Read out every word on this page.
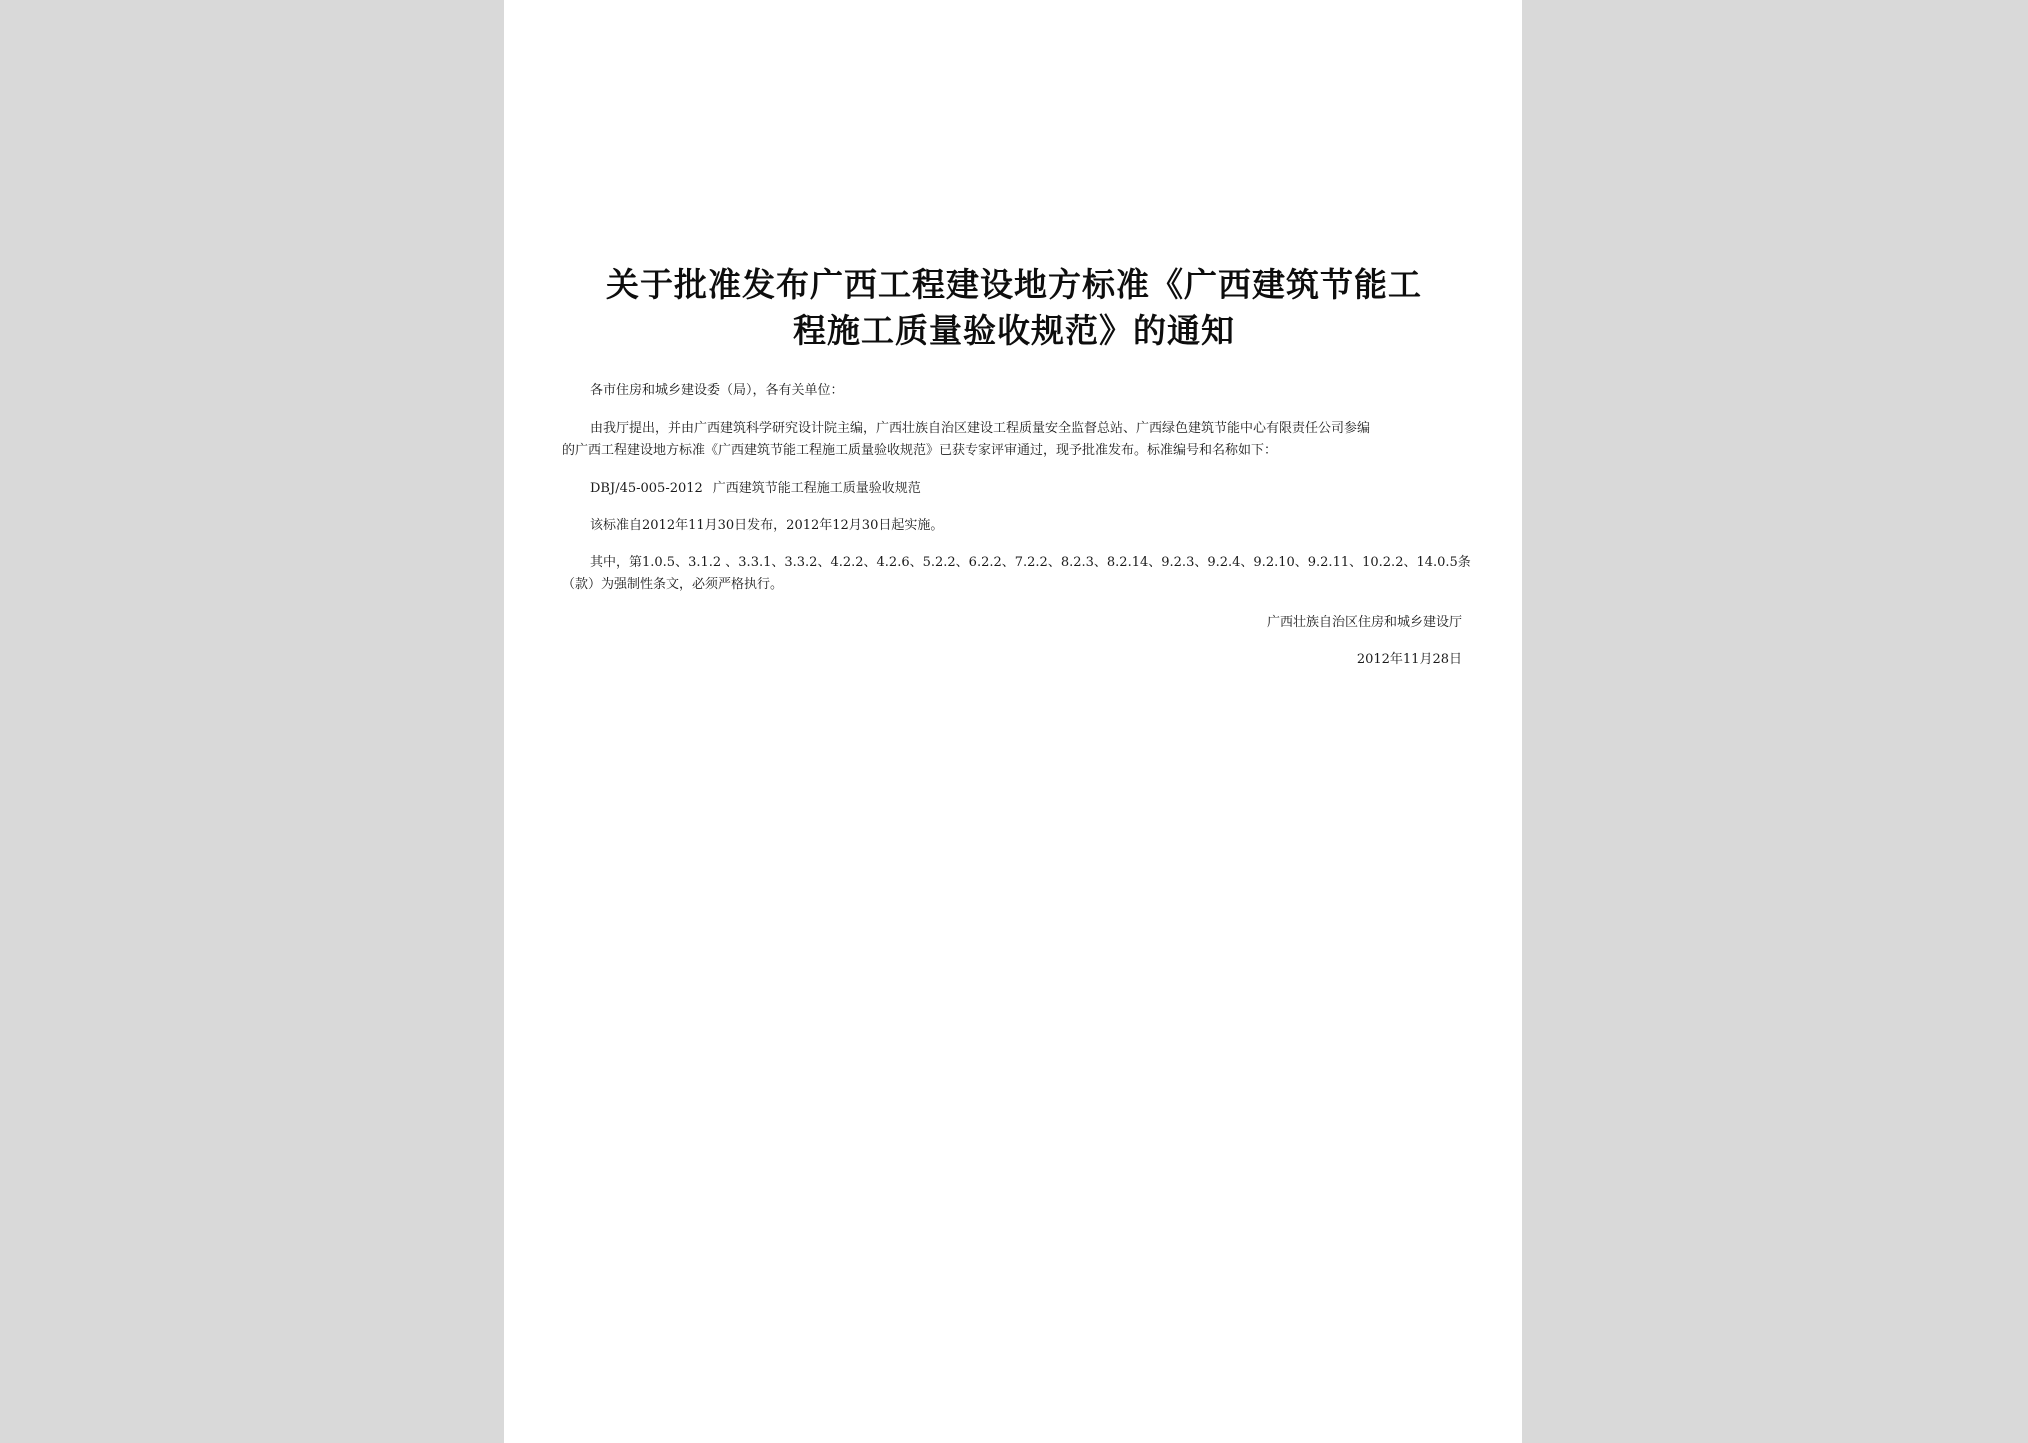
关于批准发布广西工程建设地方标准《广西建筑节能工
程施工质量验收规范》的通知

各市住房和城乡建设委（局），各有关单位：

由我厅提出，并由广西建筑科学研究设计院主编，广西壮族自治区建设工程质量安全监督总站、广西绿色建筑节能中心有限责任公司参编

的广西工程建设地方标准《广西建筑节能工程施工质量验收规范》已获专家评审通过，现予批准发布。标准编号和名称如下：

DBJ/45-005-2012 广西建筑节能工程施工质量验收规范

该标准自2012年11月30日发布，2012年12月30日起实施。

其中，第1.0.5、3.1.2 、3.3.1、3.3.2、4.2.2、4.2.6、5.2.2、6.2.2、7.2.2、8.2.3、8.2.14、9.2.3、9.2.4、9.2.10、9.2.11、10.2.2、14.0.5条

（款）为强制性条文，必须严格执行。

广西壮族自治区住房和城乡建设厅

2012年11月28日
